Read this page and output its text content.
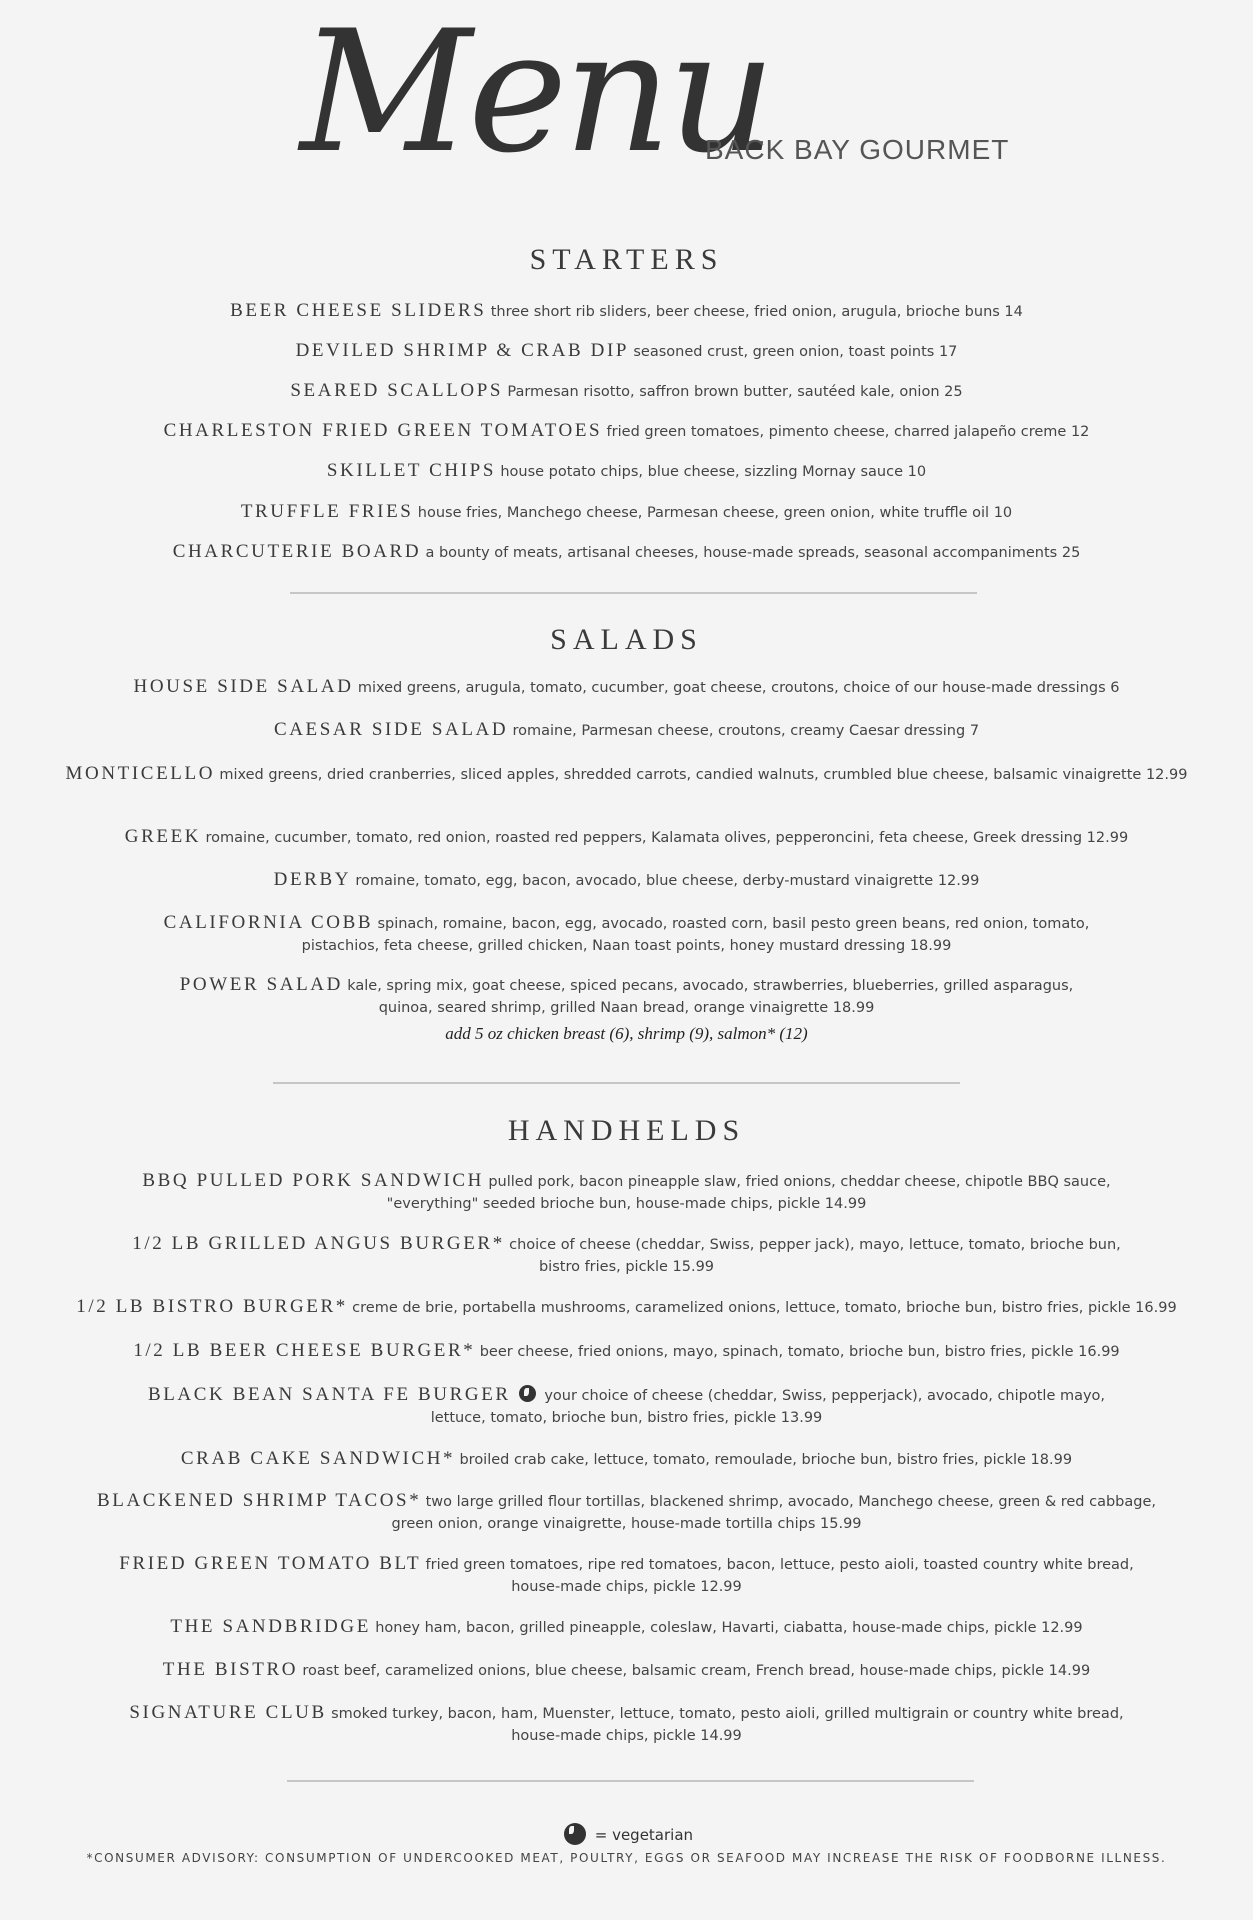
Menu
BACK BAY GOURMET
STARTERS
BEER CHEESE SLIDERS three short rib sliders, beer cheese, fried onion, arugula, brioche buns 14
DEVILED SHRIMP & CRAB DIP seasoned crust, green onion, toast points 17
SEARED SCALLOPS Parmesan risotto, saffron brown butter, sautéed kale, onion 25
CHARLESTON FRIED GREEN TOMATOES fried green tomatoes, pimento cheese, charred jalapeño creme 12
SKILLET CHIPS house potato chips, blue cheese, sizzling Mornay sauce 10
TRUFFLE FRIES house fries, Manchego cheese, Parmesan cheese, green onion, white truffle oil 10
CHARCUTERIE BOARD a bounty of meats, artisanal cheeses, house-made spreads, seasonal accompaniments 25
SALADS
HOUSE SIDE SALAD mixed greens, arugula, tomato, cucumber, goat cheese, croutons, choice of our house-made dressings 6
CAESAR SIDE SALAD romaine, Parmesan cheese, croutons, creamy Caesar dressing 7
MONTICELLO mixed greens, dried cranberries, sliced apples, shredded carrots, candied walnuts, crumbled blue cheese, balsamic vinaigrette 12.99
GREEK romaine, cucumber, tomato, red onion, roasted red peppers, Kalamata olives, pepperoncini, feta cheese, Greek dressing 12.99
DERBY romaine, tomato, egg, bacon, avocado, blue cheese, derby-mustard vinaigrette 12.99
CALIFORNIA COBB spinach, romaine, bacon, egg, avocado, roasted corn, basil pesto green beans, red onion, tomato,
pistachios, feta cheese, grilled chicken, Naan toast points, honey mustard dressing 18.99
POWER SALAD kale, spring mix, goat cheese, spiced pecans, avocado, strawberries, blueberries, grilled asparagus,
quinoa, seared shrimp, grilled Naan bread, orange vinaigrette 18.99
add 5 oz chicken breast (6), shrimp (9), salmon* (12)
HANDHELDS
BBQ PULLED PORK SANDWICH pulled pork, bacon pineapple slaw, fried onions, cheddar cheese, chipotle BBQ sauce,
"everything" seeded brioche bun, house-made chips, pickle 14.99
1/2 LB GRILLED ANGUS BURGER* choice of cheese (cheddar, Swiss, pepper jack), mayo, lettuce, tomato, brioche bun,
bistro fries, pickle 15.99
1/2 LB BISTRO BURGER* creme de brie, portabella mushrooms, caramelized onions, lettuce, tomato, brioche bun, bistro fries, pickle 16.99
1/2 LB BEER CHEESE BURGER* beer cheese, fried onions, mayo, spinach, tomato, brioche bun, bistro fries, pickle 16.99
BLACK BEAN SANTA FE BURGER your choice of cheese (cheddar, Swiss, pepperjack), avocado, chipotle mayo,
lettuce, tomato, brioche bun, bistro fries, pickle 13.99
CRAB CAKE SANDWICH* broiled crab cake, lettuce, tomato, remoulade, brioche bun, bistro fries, pickle 18.99
BLACKENED SHRIMP TACOS* two large grilled flour tortillas, blackened shrimp, avocado, Manchego cheese, green & red cabbage,
green onion, orange vinaigrette, house-made tortilla chips 15.99
FRIED GREEN TOMATO BLT fried green tomatoes, ripe red tomatoes, bacon, lettuce, pesto aioli, toasted country white bread,
house-made chips, pickle 12.99
THE SANDBRIDGE honey ham, bacon, grilled pineapple, coleslaw, Havarti, ciabatta, house-made chips, pickle 12.99
THE BISTRO roast beef, caramelized onions, blue cheese, balsamic cream, French bread, house-made chips, pickle 14.99
SIGNATURE CLUB smoked turkey, bacon, ham, Muenster, lettuce, tomato, pesto aioli, grilled multigrain or country white bread,
house-made chips, pickle 14.99
= vegetarian
*CONSUMER ADVISORY: CONSUMPTION OF UNDERCOOKED MEAT, POULTRY, EGGS OR SEAFOOD MAY INCREASE THE RISK OF FOODBORNE ILLNESS.
